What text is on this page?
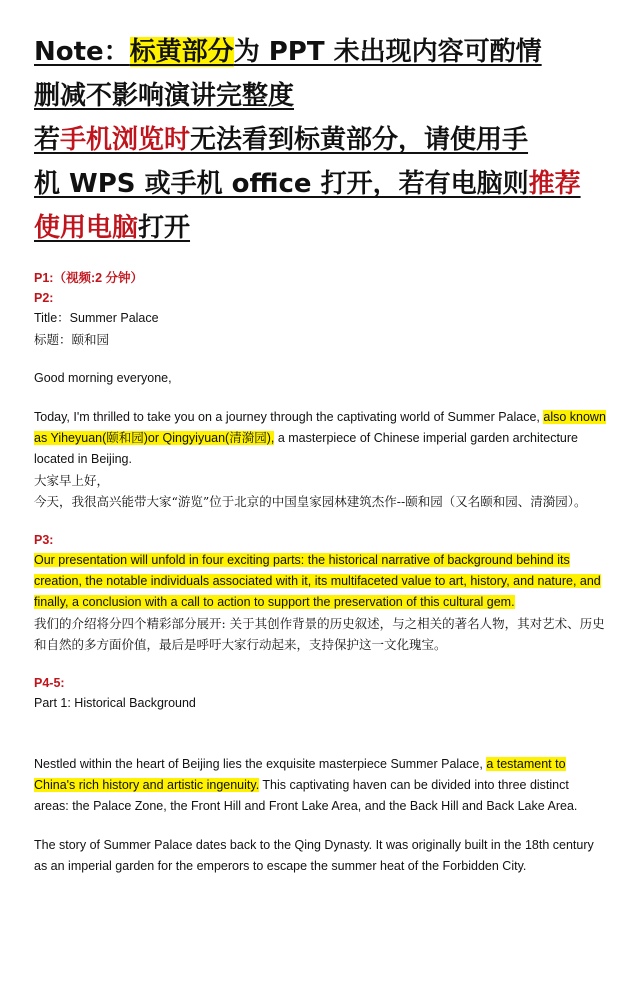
Note：标黄部分为 PPT 未出现内容可酌情

删减不影响演讲完整度

若手机浏览时无法看到标黄部分，请使用手

机 WPS 或手机 office 打开，若有电脑则推荐

使用电脑打开

P1:（视频:2 分钟）

P2:

Title：Summer Palace

标题：颐和园

Good morning everyone,

Today, I'm thrilled to take you on a journey through the captivating world of Summer Palace, also known as Yiheyuan(颐和园)or Qingyiyuan(清漪园), a masterpiece of Chinese imperial garden architecture located in Beijing.

大家早上好，

今天，我很高兴能带大家“游览”位于北京的中国皇家园林建筑杰作--颐和园（又名颐和园、清漪园）。

P3:

Our presentation will unfold in four exciting parts: the historical narrative of background behind its creation, the notable individuals associated with it, its multifaceted value to art, history, and nature, and finally, a conclusion with a call to action to support the preservation of this cultural gem.

我们的介绍将分四个精彩部分展开: 关于其创作背景的历史叙述，与之相关的著名人物，其对艺术、历史和自然的多方面价值，最后是呼吁大家行动起来，支持保护这一文化瑰宝。

P4-5:

Part 1: Historical Background

Nestled within the heart of Beijing lies the exquisite masterpiece Summer Palace, a testament to China's rich history and artistic ingenuity. This captivating haven can be divided into three distinct areas: the Palace Zone, the Front Hill and Front Lake Area, and the Back Hill and Back Lake Area.

The story of Summer Palace dates back to the Qing Dynasty. It was originally built in the 18th century as an imperial garden for the emperors to escape the summer heat of the Forbidden City.
